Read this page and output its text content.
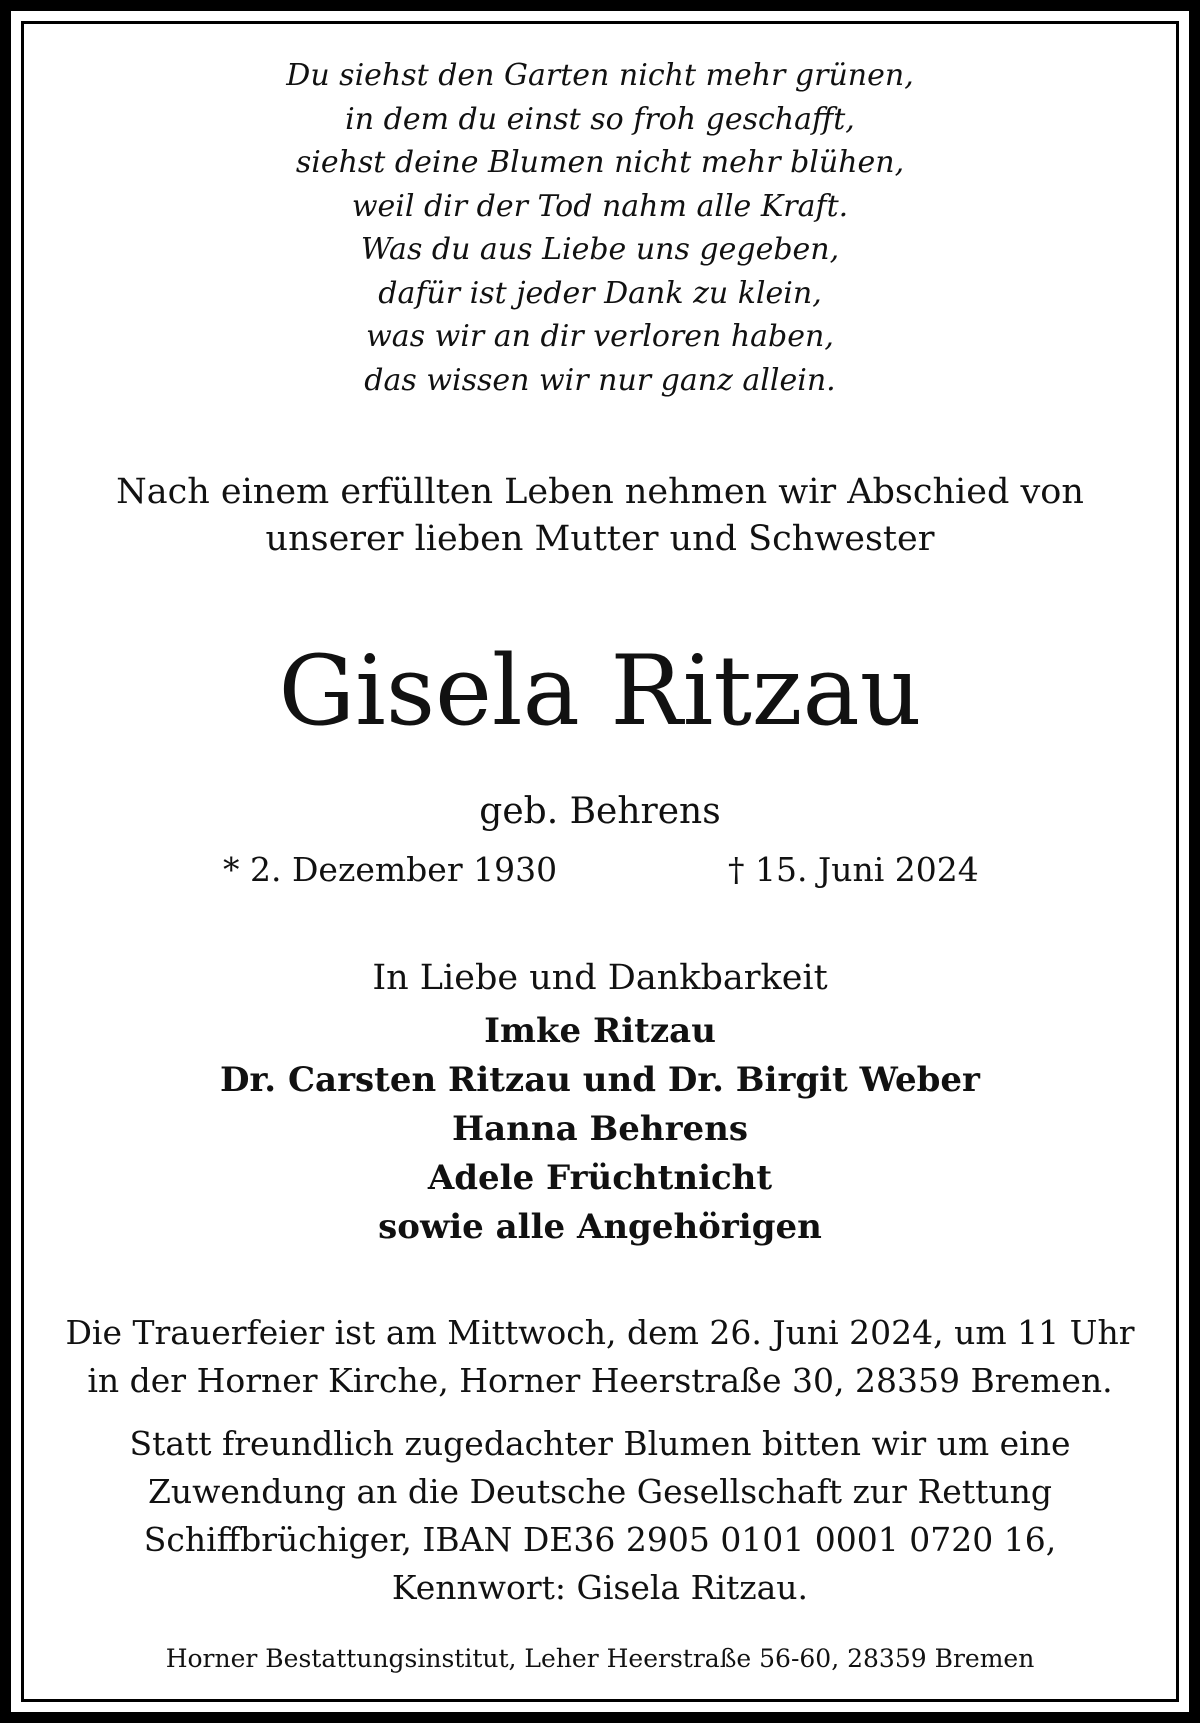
Du siehst den Garten nicht mehr grünen,
in dem du einst so froh geschafft,
siehst deine Blumen nicht mehr blühen,
weil dir der Tod nahm alle Kraft.
Was du aus Liebe uns gegeben,
dafür ist jeder Dank zu klein,
was wir an dir verloren haben,
das wissen wir nur ganz allein.
Nach einem erfüllten Leben nehmen wir Abschied von
unserer lieben Mutter und Schwester
Gisela Ritzau
geb. Behrens
* 2. Dezember 1930	† 15. Juni 2024
In Liebe und Dankbarkeit
Imke Ritzau
Dr. Carsten Ritzau und Dr. Birgit Weber
Hanna Behrens
Adele Früchtnicht
sowie alle Angehörigen
Die Trauerfeier ist am Mittwoch, dem 26. Juni 2024, um 11 Uhr
in der Horner Kirche, Horner Heerstraße 30, 28359 Bremen.
Statt freundlich zugedachter Blumen bitten wir um eine
Zuwendung an die Deutsche Gesellschaft zur Rettung
Schiffbrüchiger, IBAN DE36 2905 0101 0001 0720 16,
Kennwort: Gisela Ritzau.
Horner Bestattungsinstitut, Leher Heerstraße 56-60, 28359 Bremen
